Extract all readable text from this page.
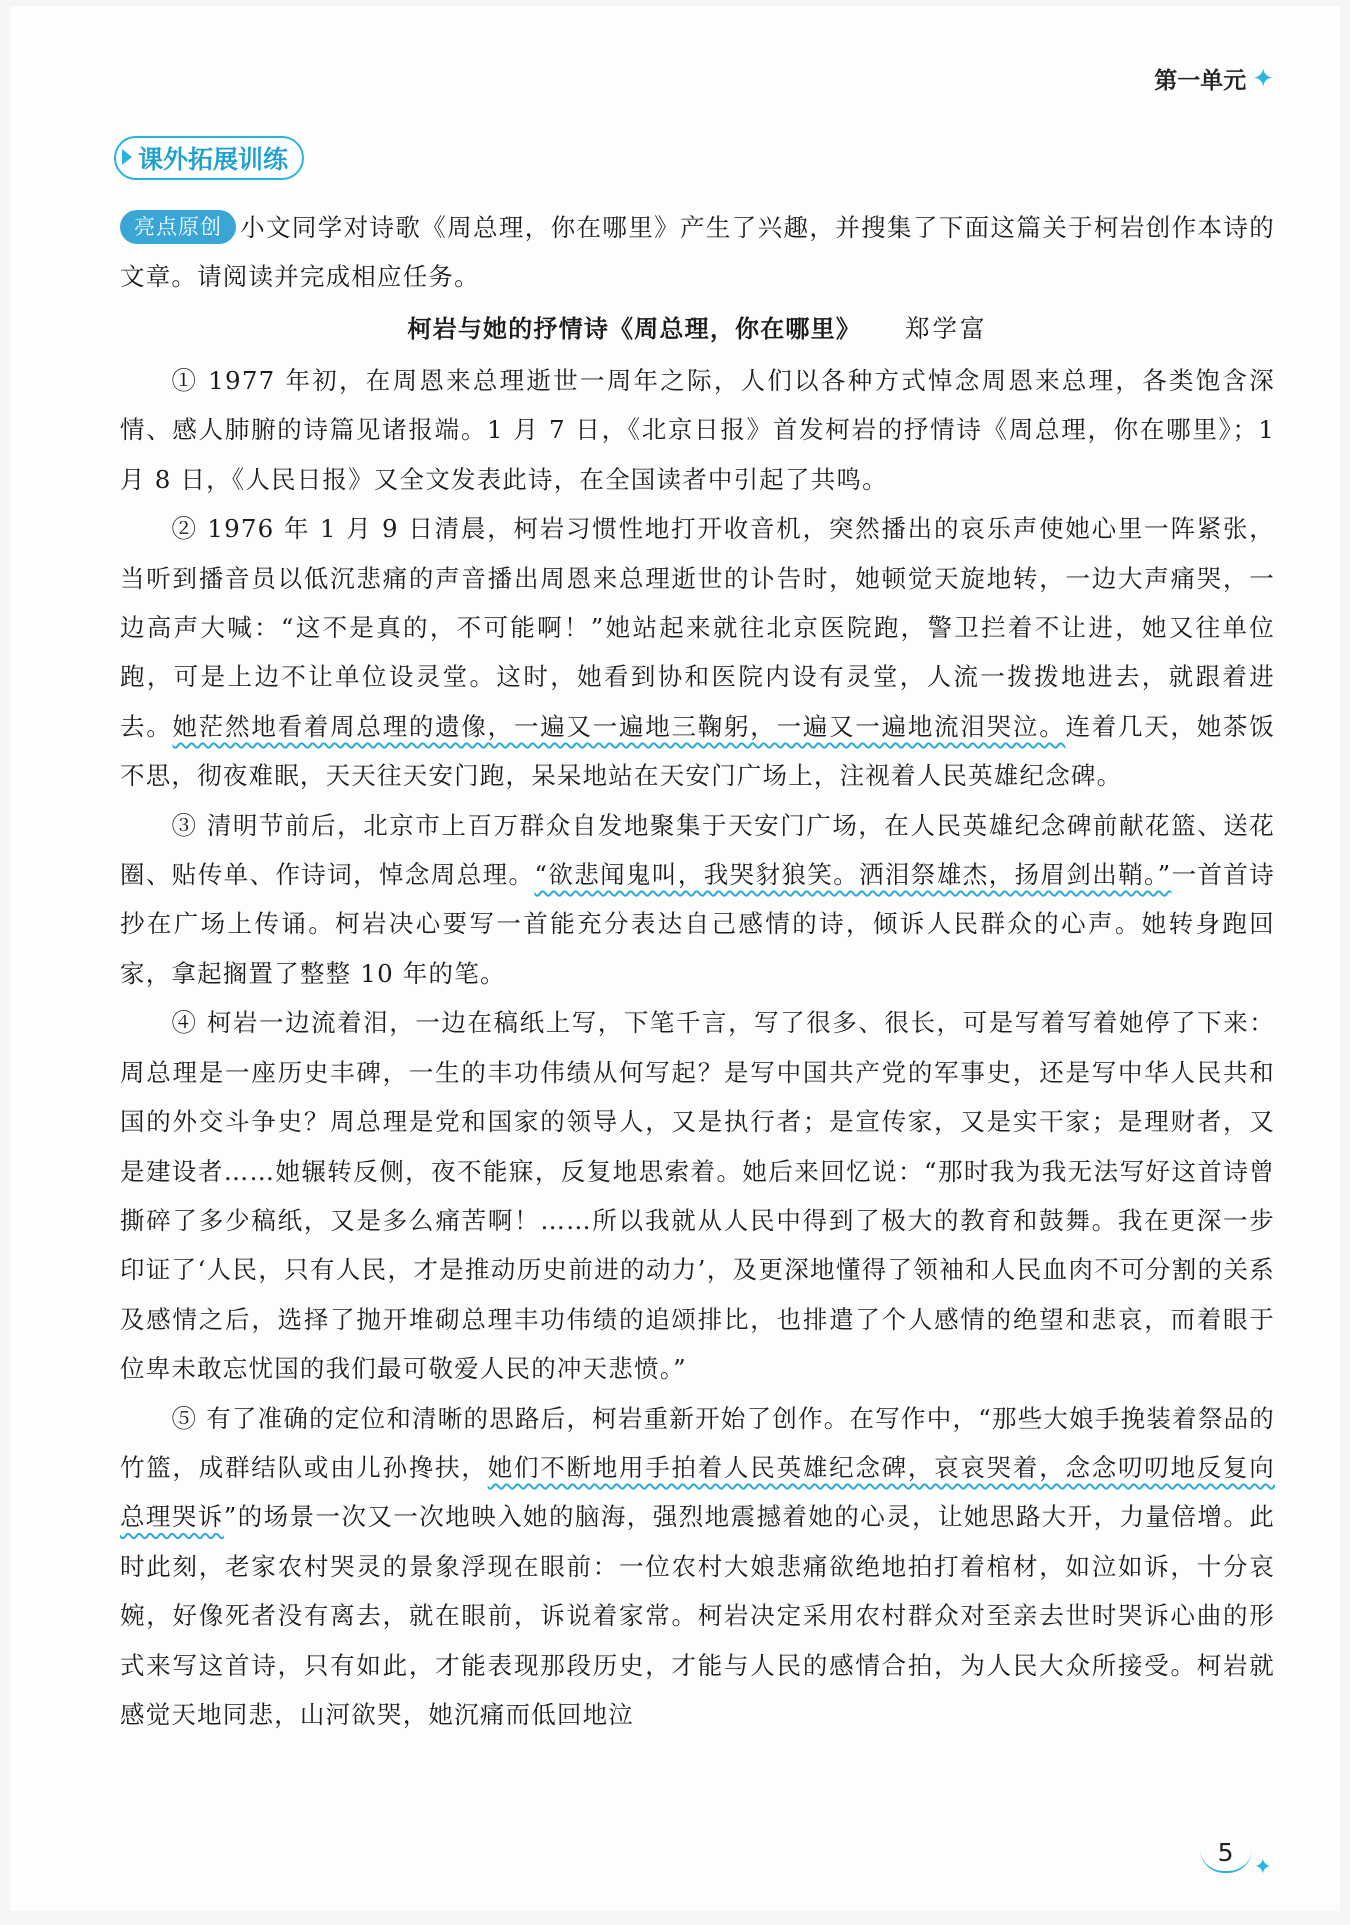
第一单元 ✦
课外拓展训练

亮点原创 小文同学对诗歌《周总理，你在哪里》产生了兴趣，并搜集了下面这篇关于柯岩创作本诗的文章。请阅读并完成相应任务。

柯岩与她的抒情诗《周总理，你在哪里》 郑学富

① 1977 年初，在周恩来总理逝世一周年之际，人们以各种方式悼念周恩来总理，各类饱含深情、感人肺腑的诗篇见诸报端。1 月 7 日，《北京日报》首发柯岩的抒情诗《周总理，你在哪里》；1 月 8 日，《人民日报》又全文发表此诗，在全国读者中引起了共鸣。

② 1976 年 1 月 9 日清晨，柯岩习惯性地打开收音机，突然播出的哀乐声使她心里一阵紧张，当听到播音员以低沉悲痛的声音播出周恩来总理逝世的讣告时，她顿觉天旋地转，一边大声痛哭，一边高声大喊：“这不是真的，不可能啊！”她站起来就往北京医院跑，警卫拦着不让进，她又往单位跑，可是上边不让单位设灵堂。这时，她看到协和医院内设有灵堂，人流一拨拨地进去，就跟着进去。她茫然地看着周总理的遗像，一遍又一遍地三鞠躬，一遍又一遍地流泪哭泣。连着几天，她茶饭不思，彻夜难眠，天天往天安门跑，呆呆地站在天安门广场上，注视着人民英雄纪念碑。

③ 清明节前后，北京市上百万群众自发地聚集于天安门广场，在人民英雄纪念碑前献花篮、送花圈、贴传单、作诗词，悼念周总理。“欲悲闻鬼叫，我哭豺狼笑。洒泪祭雄杰，扬眉剑出鞘。”一首首诗抄在广场上传诵。柯岩决心要写一首能充分表达自己感情的诗，倾诉人民群众的心声。她转身跑回家，拿起搁置了整整 10 年的笔。

④ 柯岩一边流着泪，一边在稿纸上写，下笔千言，写了很多、很长，可是写着写着她停了下来：周总理是一座历史丰碑，一生的丰功伟绩从何写起？是写中国共产党的军事史，还是写中华人民共和国的外交斗争史？周总理是党和国家的领导人，又是执行者；是宣传家，又是实干家；是理财者，又是建设者……她辗转反侧，夜不能寐，反复地思索着。她后来回忆说：“那时我为我无法写好这首诗曾撕碎了多少稿纸，又是多么痛苦啊！……所以我就从人民中得到了极大的教育和鼓舞。我在更深一步印证了‘人民，只有人民，才是推动历史前进的动力’，及更深地懂得了领袖和人民血肉不可分割的关系及感情之后，选择了抛开堆砌总理丰功伟绩的追颂排比，也排遣了个人感情的绝望和悲哀，而着眼于位卑未敢忘忧国的我们最可敬爱人民的冲天悲愤。”

⑤ 有了准确的定位和清晰的思路后，柯岩重新开始了创作。在写作中，“那些大娘手挽装着祭品的竹篮，成群结队或由儿孙搀扶，她们不断地用手拍着人民英雄纪念碑，哀哀哭着，念念叨叨地反复向总理哭诉”的场景一次又一次地映入她的脑海，强烈地震撼着她的心灵，让她思路大开，力量倍增。此时此刻，老家农村哭灵的景象浮现在眼前：一位农村大娘悲痛欲绝地拍打着棺材，如泣如诉，十分哀婉，好像死者没有离去，就在眼前，诉说着家常。柯岩决定采用农村群众对至亲去世时哭诉心曲的形式来写这首诗，只有如此，才能表现那段历史，才能与人民的感情合拍，为人民大众所接受。柯岩就感觉天地同悲，山河欲哭，她沉痛而低回地泣

5
✦
